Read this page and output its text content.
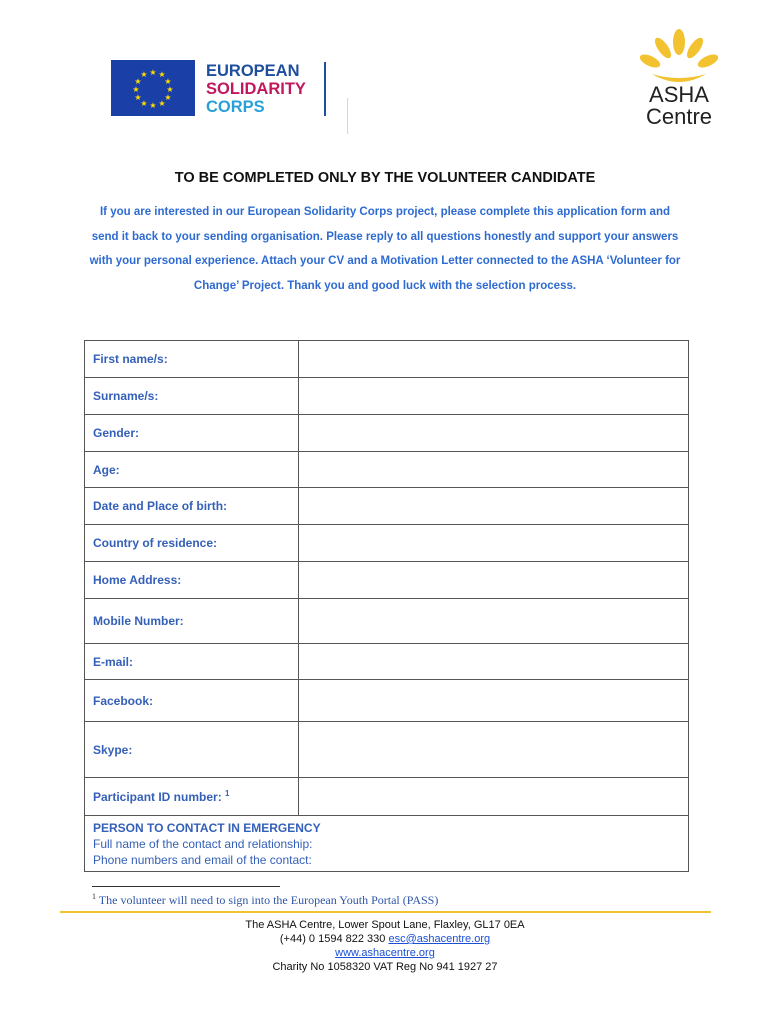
★ ★
★
★
★
★
★
★
★
★
★
★	EUROPEAN
SOLIDARITY
CORPS	ASHA
Centre
TO BE COMPLETED ONLY BY THE VOLUNTEER CANDIDATE
If you are interested in our European Solidarity Corps project, please complete this application form and send it back to your sending organisation. Please reply to all questions honestly and support your answers with your personal experience. Attach your CV and a Motivation Letter connected to the ASHA ‘Volunteer for Change’ Project. Thank you and good luck with the selection process.
First name/s:	
Surname/s:	
Gender:	
Age:	
Date and Place of birth:	
Country of residence:	
Home Address:	
Mobile Number:	
E-mail:	
Facebook:	
Skype:	
Participant ID number: $^1$	

PERSON TO CONTACT IN EMERGENCY
Full name of the contact and relationship:
Phone numbers and email of the contact:	
$^1$ The volunteer will need to sign into the European Youth Portal (PASS)
The ASHA Centre, Lower Spout Lane, Flaxley, GL17 0EA
(+44) 0 1594 822 330 esc@ashacentre.org
www.ashacentre.org
Charity No 1058320 VAT Reg No 941 1927 27
